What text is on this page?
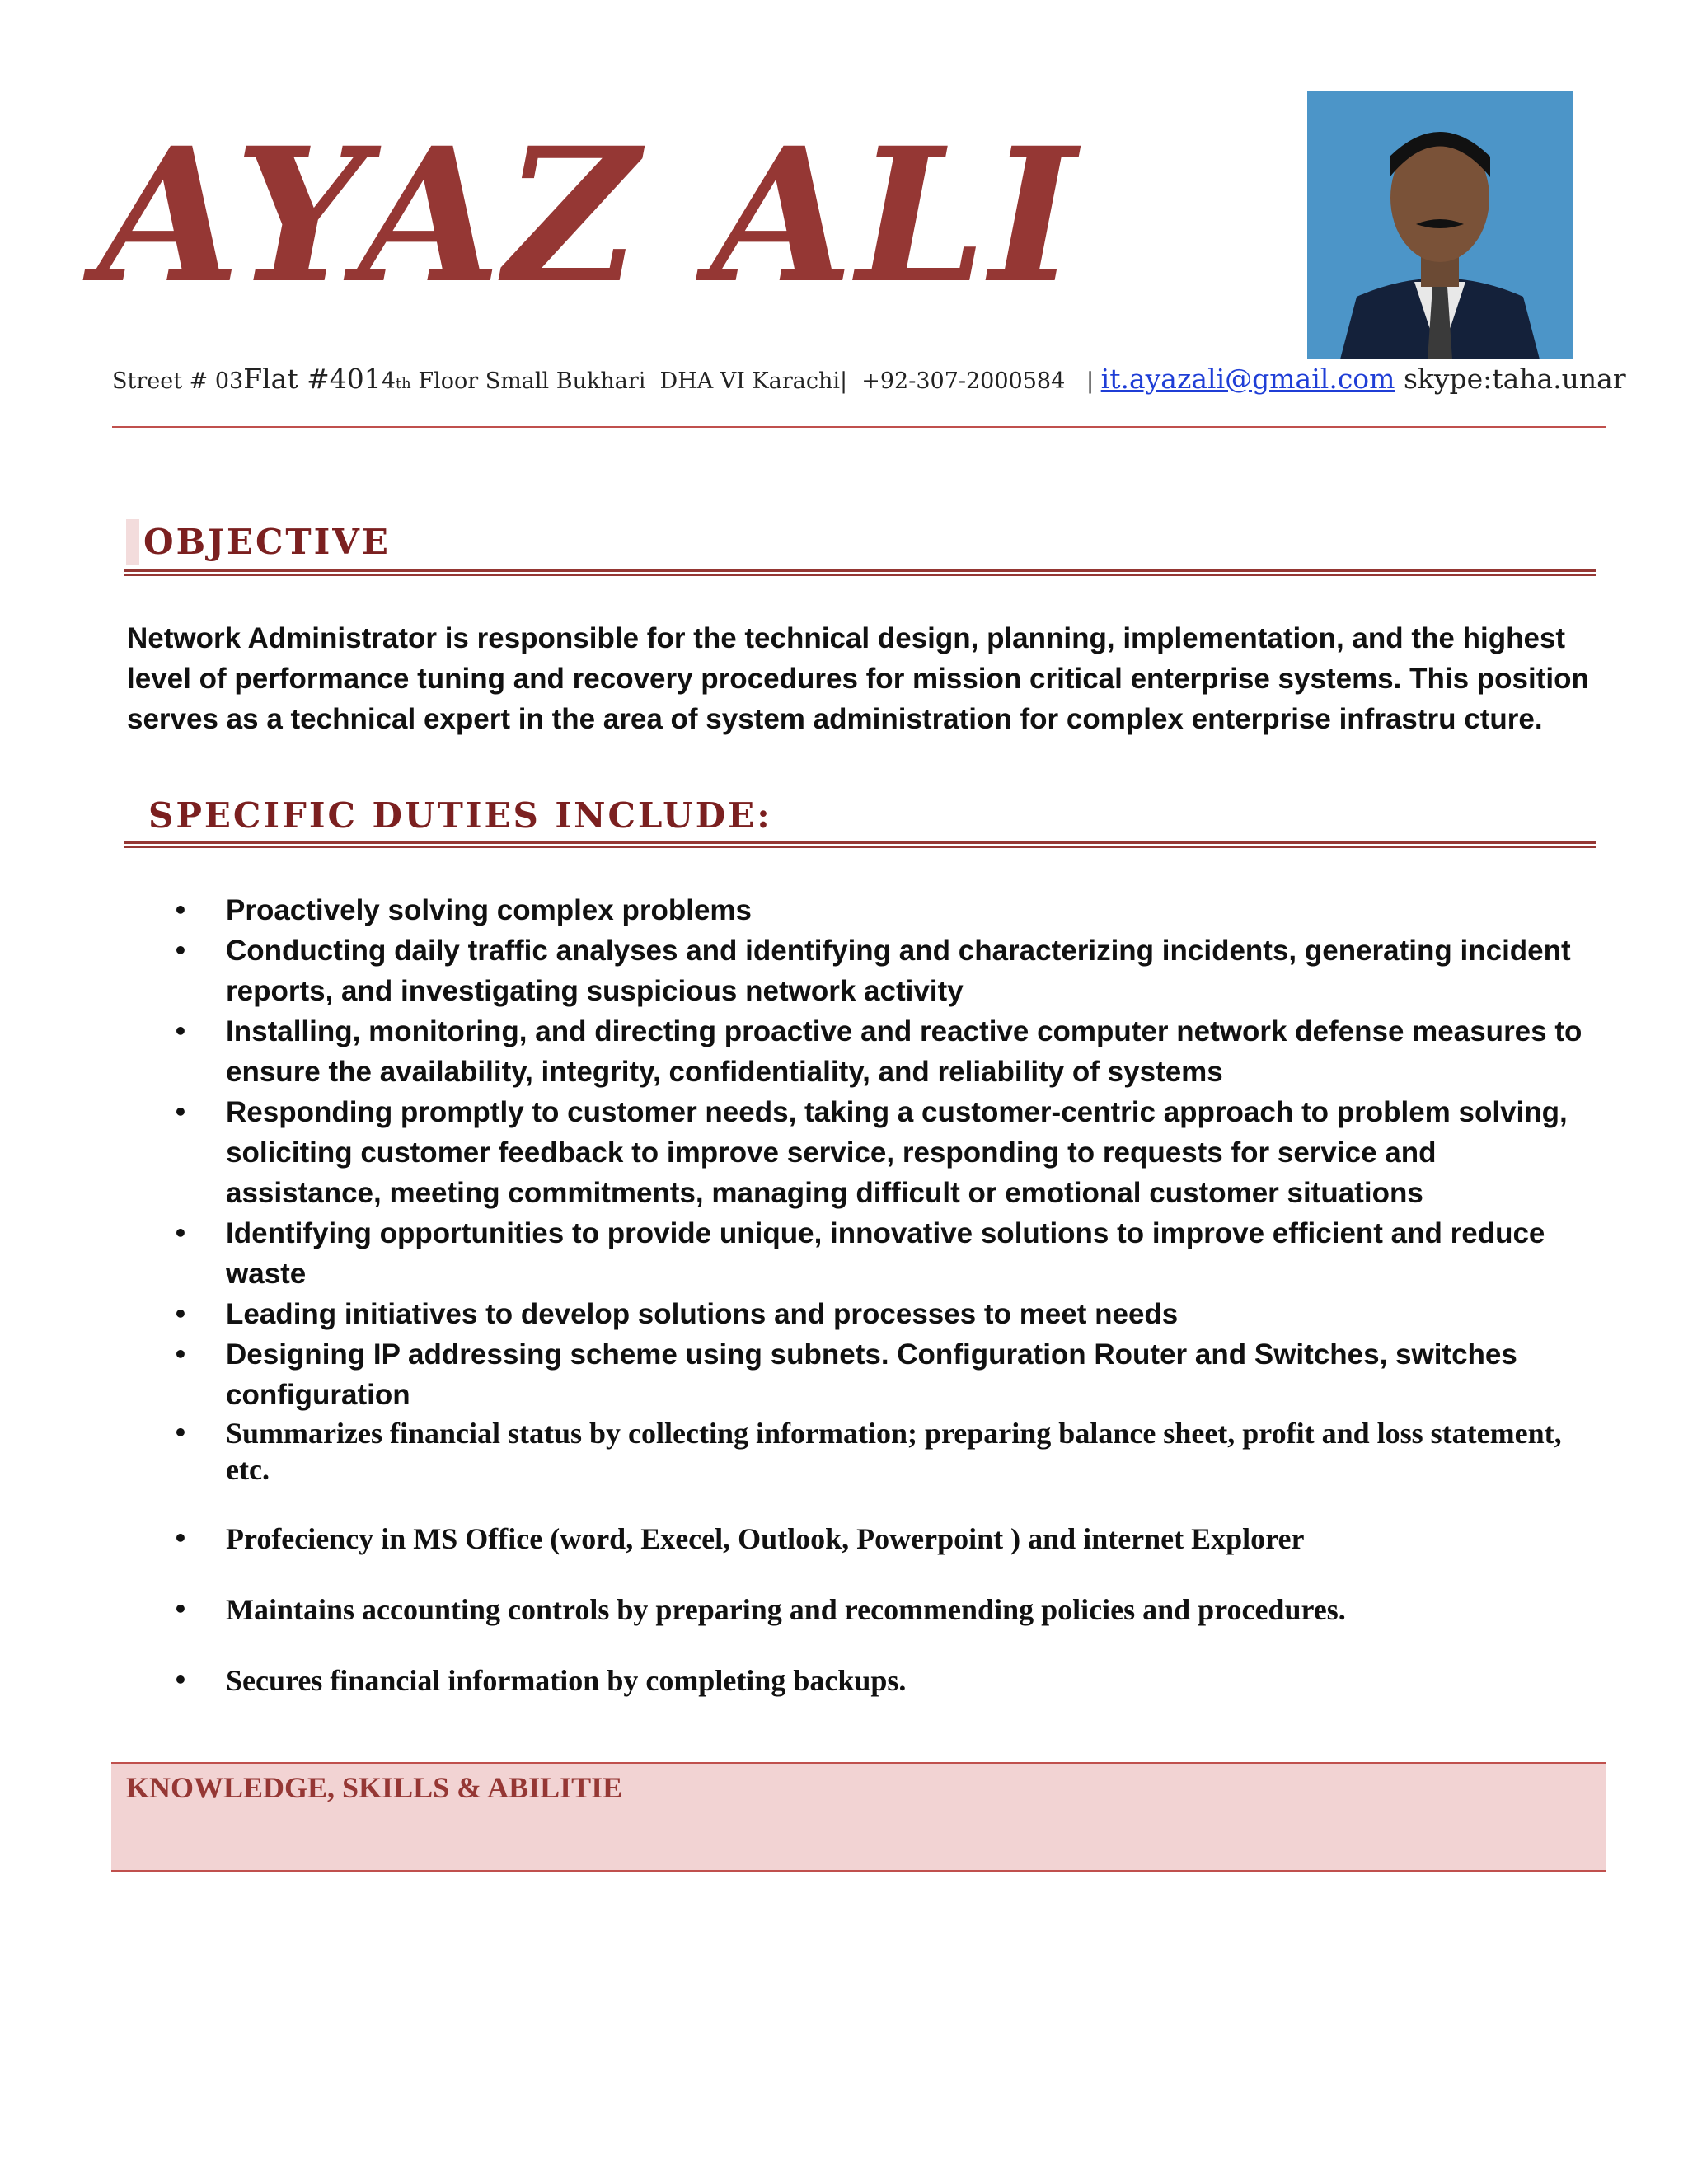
AYAZ ALI
Street # 03 Flat #401 4 th Floor Small Bukhari  DHA VI Karachi|  +92-307-2000584   | it.ayazali@gmail.com skype:taha.unar
OBJECTIVE
Network Administrator is responsible for the technical design, planning, implementation, and the highest level of performance tuning and recovery procedures for mission critical enterprise systems. This position serves as a technical expert in the area of system administration for complex enterprise infrastru cture.
SPECIFIC DUTIES INCLUDE:
• Proactively solving complex problems
• Conducting daily traffic analyses and identifying and characterizing incidents, generating incident reports, and investigating suspicious network activity
• Installing, monitoring, and directing proactive and reactive computer network defense measures to ensure the availability, integrity, confidentiality, and reliability of systems
• Responding promptly to customer needs, taking a customer-centric approach to problem solving, soliciting customer feedback to improve service, responding to requests for service and assistance, meeting commitments, managing difficult or emotional customer situations
• Identifying opportunities to provide unique, innovative solutions to improve efficient and reduce waste
• Leading initiatives to develop solutions and processes to meet needs
• Designing IP addressing scheme using subnets. Configuration Router and Switches, switches configuration
• Summarizes financial status by collecting information; preparing balance sheet, profit and loss statement, etc.
• Profeciency in MS Office (word, Execel, Outlook, Powerpoint ) and internet Explorer
• Maintains accounting controls by preparing and recommending policies and procedures.
• Secures financial information by completing backups.
KNOWLEDGE, SKILLS & ABILITIE
